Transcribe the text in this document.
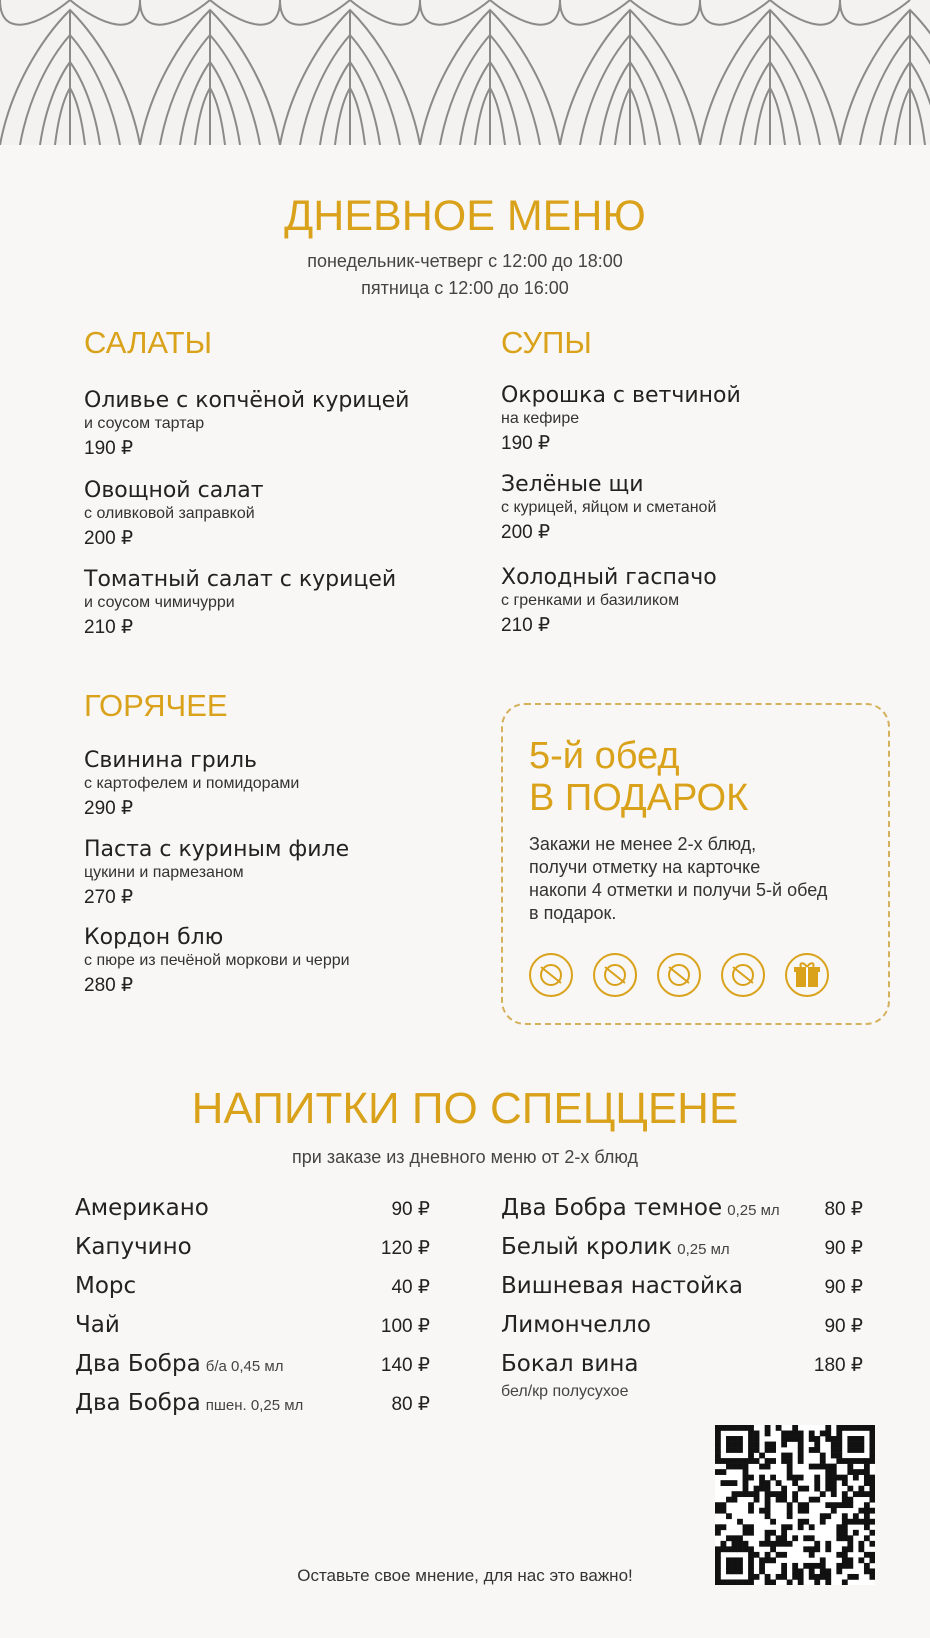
ДНЕВНОЕ МЕНЮ
понедельник-четверг с 12:00 до 18:00
пятница с 12:00 до 16:00
САЛАТЫ
Оливье с копчёной курицей
и соусом тартар
190 ₽
Овощной салат
с оливковой заправкой
200 ₽
Томатный салат с курицей
и соусом чимичурри
210 ₽
СУПЫ
Окрошка с ветчиной
на кефире
190 ₽
Зелёные щи
с курицей, яйцом и сметаной
200 ₽
Холодный гаспачо
с гренками и базиликом
210 ₽
ГОРЯЧЕЕ
Свинина гриль
с картофелем и помидорами
290 ₽
Паста с куриным филе
цукини и пармезаном
270 ₽
Кордон блю
с пюре из печёной моркови и черри
280 ₽
5-й обед
В ПОДАРОК
Закажи не менее 2-х блюд,
получи отметку на карточке
накопи 4 отметки и получи 5-й обед
в подарок.
НАПИТКИ ПО СПЕЦЦЕНЕ
при заказе из дневного меню от 2-х блюд
Американо	90 ₽
Капучино	120 ₽
Морс	40 ₽
Чай	100 ₽
Два Бобра б/а 0,45 мл	140 ₽
Два Бобра пшен. 0,25 мл	80 ₽
Два Бобра темное 0,25 мл 80 ₽
Белый кролик 0,25 мл	90 ₽
Вишневая настойка	90 ₽
Лимончелло	90 ₽
Бокал вина	180 ₽
бел/кр полусухое
Оставьте свое мнение, для нас это важно!
